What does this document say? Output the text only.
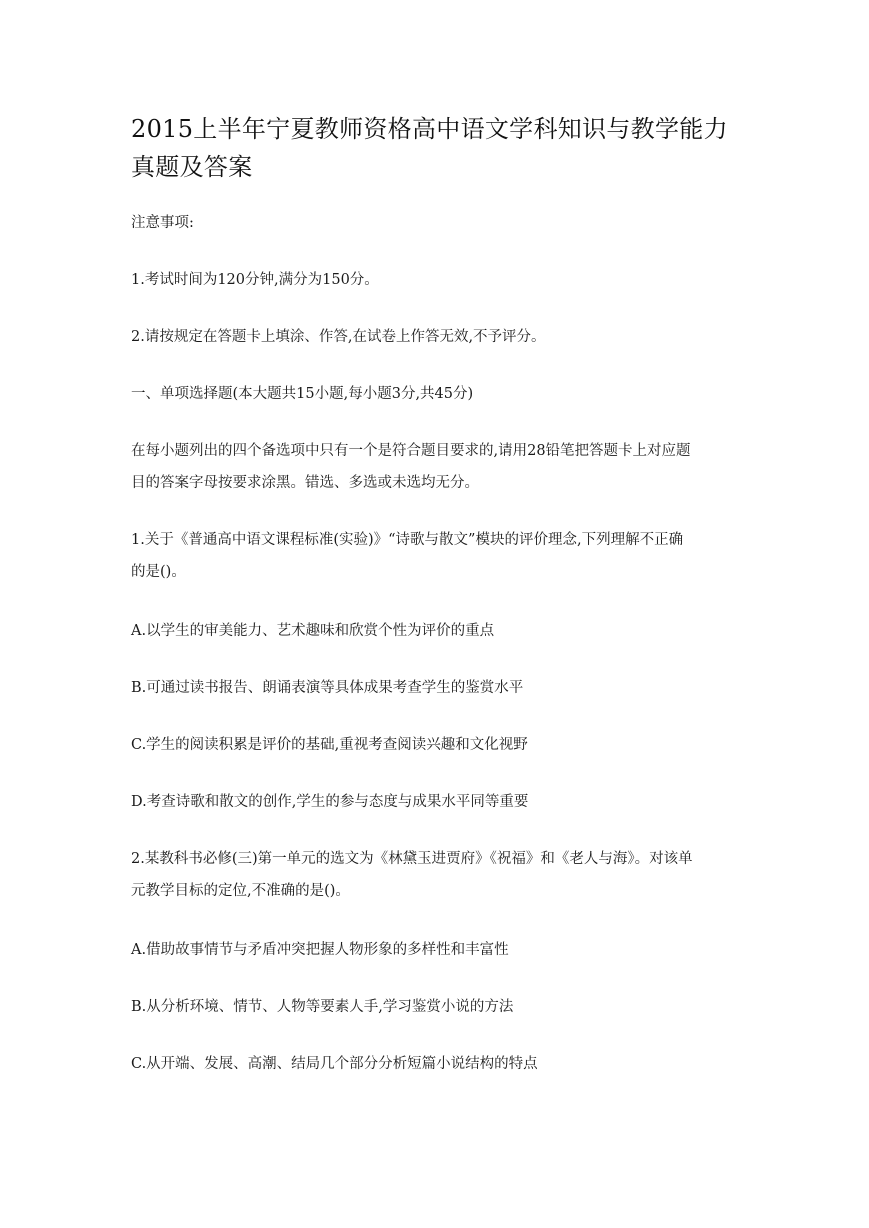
2015上半年宁夏教师资格高中语文学科知识与教学能力真题及答案

注意事项:

1.考试时间为120分钟,满分为150分。

2.请按规定在答题卡上填涂、作答,在试卷上作答无效,不予评分。

一、单项选择题(本大题共15小题,每小题3分,共45分)

在每小题列出的四个备选项中只有一个是符合题目要求的,请用28铅笔把答题卡上对应题

目的答案字母按要求涂黑。错选、多选或未选均无分。

1.关于《普通高中语文课程标准(实验)》“诗歌与散文”模块的评价理念,下列理解不正确

的是()。

A.以学生的审美能力、艺术趣味和欣赏个性为评价的重点

B.可通过读书报告、朗诵表演等具体成果考查学生的鉴赏水平

C.学生的阅读积累是评价的基础,重视考查阅读兴趣和文化视野

D.考查诗歌和散文的创作,学生的参与态度与成果水平同等重要

2.某教科书必修(三)第一单元的选文为《林黛玉进贾府》《祝福》和《老人与海》。对该单

元教学目标的定位,不准确的是()。

A.借助故事情节与矛盾冲突把握人物形象的多样性和丰富性

B.从分析环境、情节、人物等要素人手,学习鉴赏小说的方法

C.从开端、发展、高潮、结局几个部分分析短篇小说结构的特点
